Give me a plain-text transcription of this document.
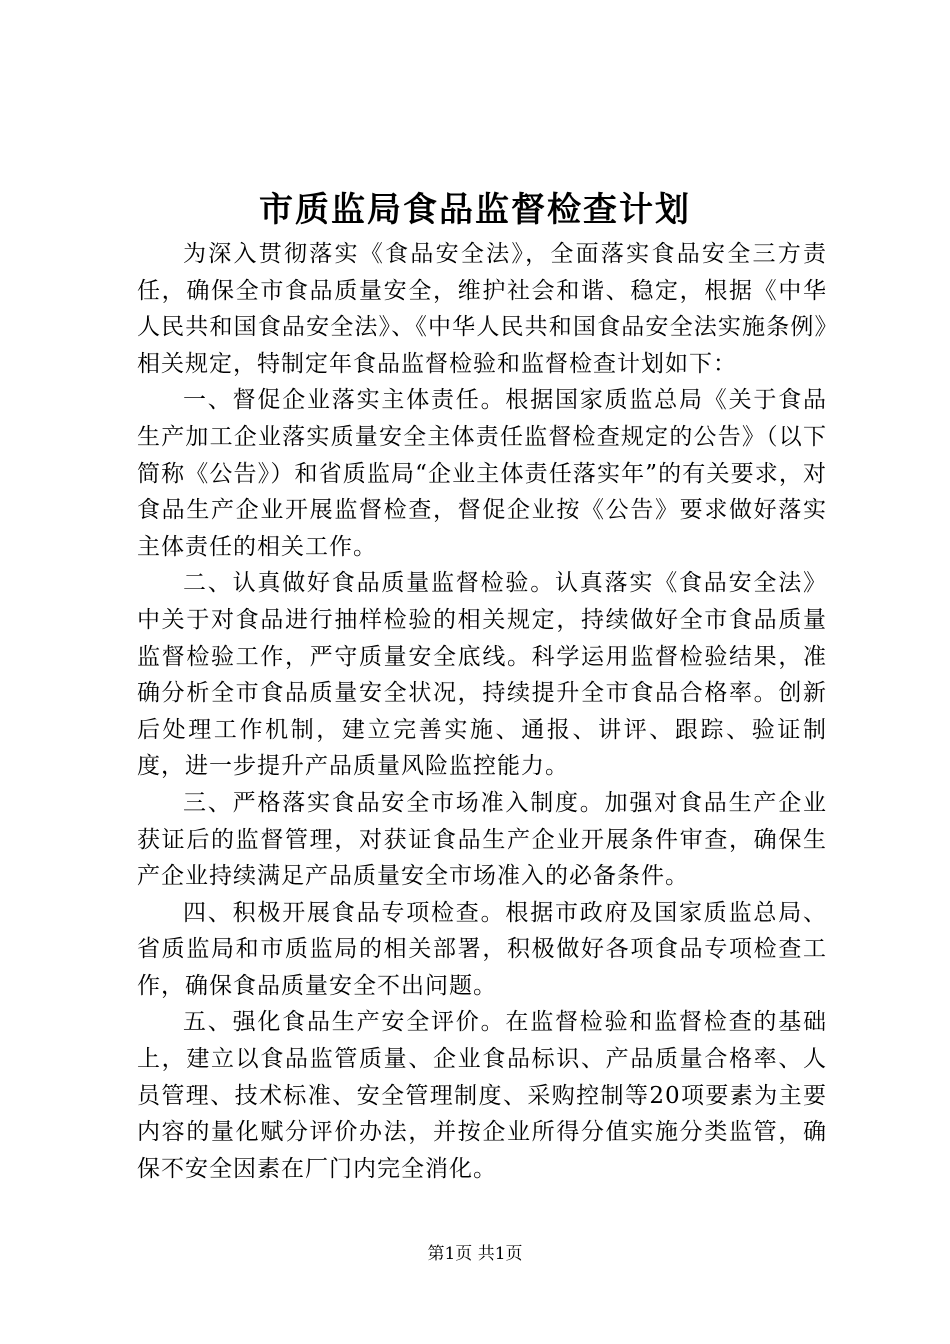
市质监局食品监督检查计划

为深入贯彻落实《食品安全法》，全面落实食品安全三方责任，确保全市食品质量安全，维护社会和谐、稳定，根据《中华人民共和国食品安全法》、《中华人民共和国食品安全法实施条例》相关规定，特制定年食品监督检验和监督检查计划如下：

一、督促企业落实主体责任。根据国家质监总局《关于食品生产加工企业落实质量安全主体责任监督检查规定的公告》（以下简称《公告》）和省质监局“企业主体责任落实年”的有关要求，对食品生产企业开展监督检查，督促企业按《公告》要求做好落实主体责任的相关工作。

二、认真做好食品质量监督检验。认真落实《食品安全法》中关于对食品进行抽样检验的相关规定，持续做好全市食品质量监督检验工作，严守质量安全底线。科学运用监督检验结果，准确分析全市食品质量安全状况，持续提升全市食品合格率。创新后处理工作机制，建立完善实施、通报、讲评、跟踪、验证制度，进一步提升产品质量风险监控能力。

三、严格落实食品安全市场准入制度。加强对食品生产企业获证后的监督管理，对获证食品生产企业开展条件审查，确保生产企业持续满足产品质量安全市场准入的必备条件。

四、积极开展食品专项检查。根据市政府及国家质监总局、省质监局和市质监局的相关部署，积极做好各项食品专项检查工作，确保食品质量安全不出问题。

五、强化食品生产安全评价。在监督检验和监督检查的基础上，建立以食品监管质量、企业食品标识、产品质量合格率、人员管理、技术标准、安全管理制度、采购控制等20项要素为主要内容的量化赋分评价办法，并按企业所得分值实施分类监管，确保不安全因素在厂门内完全消化。

第1页 共1页
